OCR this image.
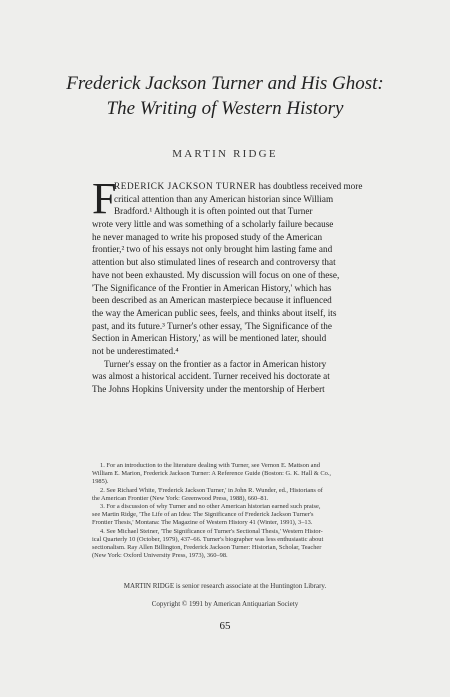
Frederick Jackson Turner and His Ghost:
The Writing of Western History
MARTIN RIDGE
F
REDERICK JACKSON TURNER has doubtless received more
critical attention than any American historian since William
Bradford.¹ Although it is often pointed out that Turner
wrote very little and was something of a scholarly failure because
he never managed to write his proposed study of the American
frontier,² two of his essays not only brought him lasting fame and
attention but also stimulated lines of research and controversy that
have not been exhausted. My discussion will focus on one of these,
'The Significance of the Frontier in American History,' which has
been described as an American masterpiece because it influenced
the way the American public sees, feels, and thinks about itself, its
past, and its future.³ Turner's other essay, 'The Significance of the
Section in American History,' as will be mentioned later, should
not be underestimated.⁴
Turner's essay on the frontier as a factor in American history
was almost a historical accident. Turner received his doctorate at
The Johns Hopkins University under the mentorship of Herbert
1. For an introduction to the literature dealing with Turner, see Vernon E. Mattson and
William E. Marion, Frederick Jackson Turner: A Reference Guide (Boston: G. K. Hall & Co.,
1985).
2. See Richard White, 'Frederick Jackson Turner,' in John R. Wunder, ed., Historians of
the American Frontier (New York: Greenwood Press, 1988), 660–81.
3. For a discussion of why Turner and no other American historian earned such praise,
see Martin Ridge, 'The Life of an Idea: The Significance of Frederick Jackson Turner's
Frontier Thesis,' Montana: The Magazine of Western History 41 (Winter, 1991), 3–13.
4. See Michael Steiner, 'The Significance of Turner's Sectional Thesis,' Western Histor-
ical Quarterly 10 (October, 1979), 437–66. Turner's biographer was less enthusiastic about
sectionalism. Ray Allen Billington, Frederick Jackson Turner: Historian, Scholar, Teacher
(New York: Oxford University Press, 1973), 360–98.
MARTIN RIDGE is senior research associate at the Huntington Library.
Copyright © 1991 by American Antiquarian Society
65
